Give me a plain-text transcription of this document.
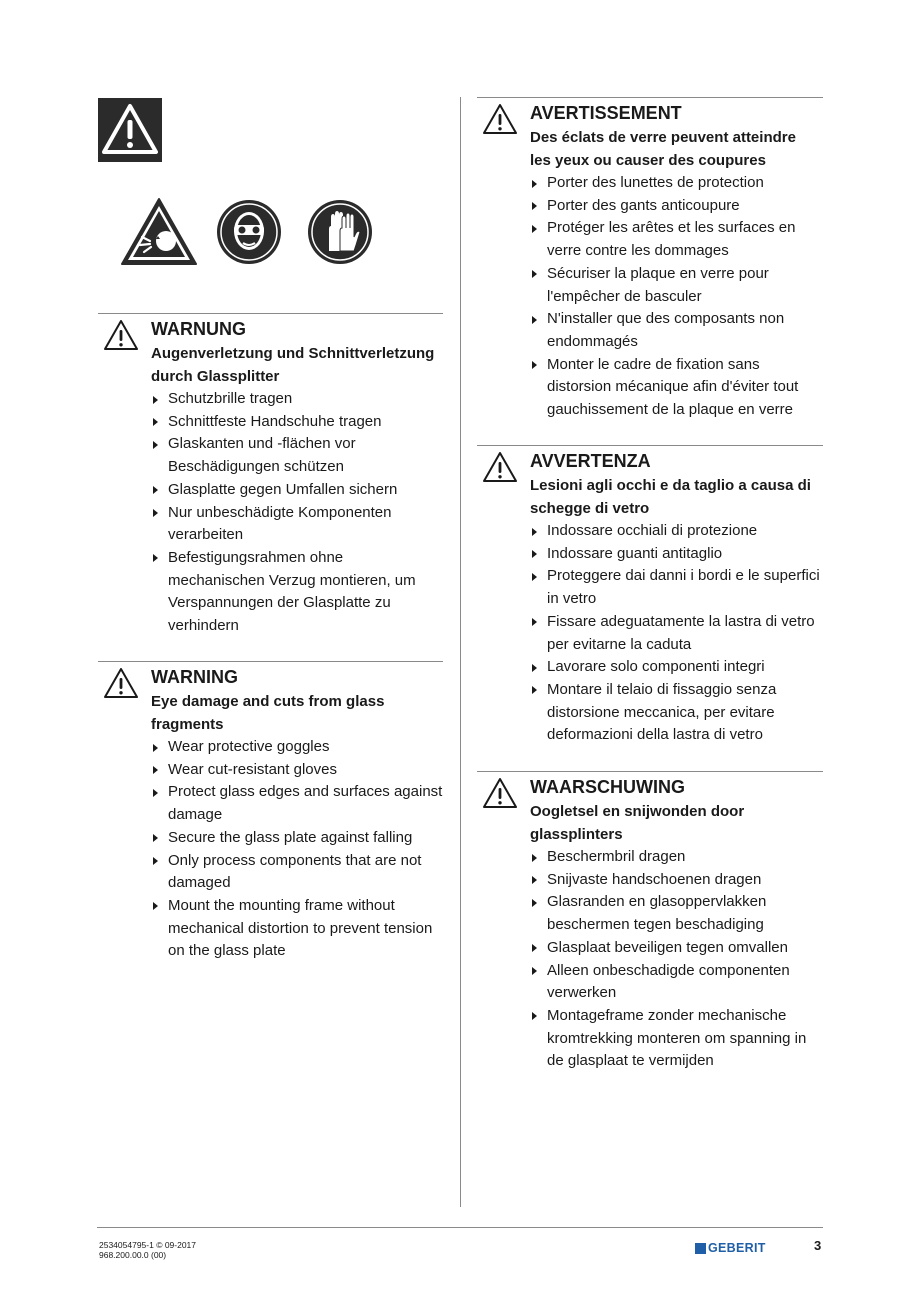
WARNUNG
Augenverletzung und Schnittverletzung durch Glassplitter
Schutzbrille tragen
Schnittfeste Handschuhe tragen
Glaskanten und -flächen vor Beschädigungen schützen
Glasplatte gegen Umfallen sichern
Nur unbeschädigte Komponenten verarbeiten
Befestigungsrahmen ohne mechanischen Verzug montieren, um Verspannungen der Glasplatte zu verhindern
WARNING
Eye damage and cuts from glass fragments
Wear protective goggles
Wear cut-resistant gloves
Protect glass edges and surfaces against damage
Secure the glass plate against falling
Only process components that are not damaged
Mount the mounting frame without mechanical distortion to prevent tension on the glass plate
AVERTISSEMENT
Des éclats de verre peuvent atteindre les yeux ou causer des coupures
Porter des lunettes de protection
Porter des gants anticoupure
Protéger les arêtes et les surfaces en verre contre les dommages
Sécuriser la plaque en verre pour l'empêcher de basculer
N'installer que des composants non endommagés
Monter le cadre de fixation sans distorsion mécanique afin d'éviter tout gauchissement de la plaque en verre
AVVERTENZA
Lesioni agli occhi e da taglio a causa di schegge di vetro
Indossare occhiali di protezione
Indossare guanti antitaglio
Proteggere dai danni i bordi e le superfici in vetro
Fissare adeguatamente la lastra di vetro per evitarne la caduta
Lavorare solo componenti integri
Montare il telaio di fissaggio senza distorsione meccanica, per evitare deformazioni della lastra di vetro
WAARSCHUWING
Oogletsel en snijwonden door glassplinters
Beschermbril dragen
Snijvaste handschoenen dragen
Glasranden en glasoppervlakken beschermen tegen beschadiging
Glasplaat beveiligen tegen omvallen
Alleen onbeschadigde componenten verwerken
Montageframe zonder mechanische kromtrekking monteren om spanning in de glasplaat te vermijden
2534054795-1 © 09-2017
968.200.00.0 (00)	GEBERIT	3
